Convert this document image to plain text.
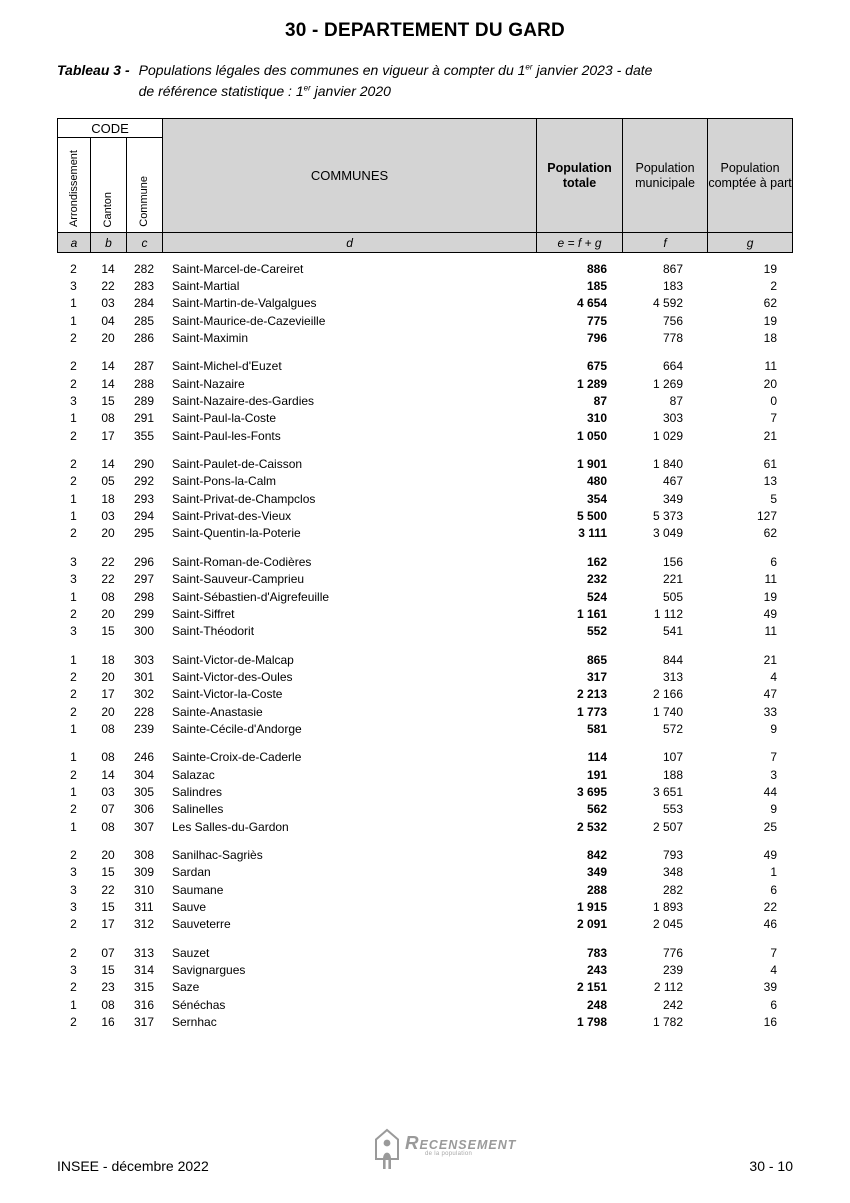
30 - DEPARTEMENT DU GARD
Tableau 3 - Populations légales des communes en vigueur à compter du 1er janvier 2023 - date
de référence statistique : 1er janvier 2020
CODE			COMMUNES	Population totale	Population municipale	Population comptée à part
Arrondissement	Canton	Commune				
a	b	c	d	e = f + g	f	g
2	14	282	Saint-Marcel-de-Careiret	886	867	19
3	22	283	Saint-Martial	185	183	2
1	03	284	Saint-Martin-de-Valgalgues	4 654	4 592	62
1	04	285	Saint-Maurice-de-Cazevieille	775	756	19
2	20	286	Saint-Maximin	796	778	18
2	14	287	Saint-Michel-d'Euzet	675	664	11
2	14	288	Saint-Nazaire	1 289	1 269	20
3	15	289	Saint-Nazaire-des-Gardies	87	87	0
1	08	291	Saint-Paul-la-Coste	310	303	7
2	17	355	Saint-Paul-les-Fonts	1 050	1 029	21
2	14	290	Saint-Paulet-de-Caisson	1 901	1 840	61
2	05	292	Saint-Pons-la-Calm	480	467	13
1	18	293	Saint-Privat-de-Champclos	354	349	5
1	03	294	Saint-Privat-des-Vieux	5 500	5 373	127
2	20	295	Saint-Quentin-la-Poterie	3 111	3 049	62
3	22	296	Saint-Roman-de-Codières	162	156	6
3	22	297	Saint-Sauveur-Camprieu	232	221	11
1	08	298	Saint-Sébastien-d'Aigrefeuille	524	505	19
2	20	299	Saint-Siffret	1 161	1 112	49
3	15	300	Saint-Théodorit	552	541	11
1	18	303	Saint-Victor-de-Malcap	865	844	21
2	20	301	Saint-Victor-des-Oules	317	313	4
2	17	302	Saint-Victor-la-Coste	2 213	2 166	47
2	20	228	Sainte-Anastasie	1 773	1 740	33
1	08	239	Sainte-Cécile-d'Andorge	581	572	9
1	08	246	Sainte-Croix-de-Caderle	114	107	7
2	14	304	Salazac	191	188	3
1	03	305	Salindres	3 695	3 651	44
2	07	306	Salinelles	562	553	9
1	08	307	Les Salles-du-Gardon	2 532	2 507	25
2	20	308	Sanilhac-Sagriès	842	793	49
3	15	309	Sardan	349	348	1
3	22	310	Saumane	288	282	6
3	15	311	Sauve	1 915	1 893	22
2	17	312	Sauveterre	2 091	2 045	46
2	07	313	Sauzet	783	776	7
3	15	314	Savignargues	243	239	4
2	23	315	Saze	2 151	2 112	39
1	08	316	Sénéchas	248	242	6
2	16	317	Sernhac	1 798	1 782	16
RECENSEMENT
de la population
INSEE - décembre 2022	30 - 10
